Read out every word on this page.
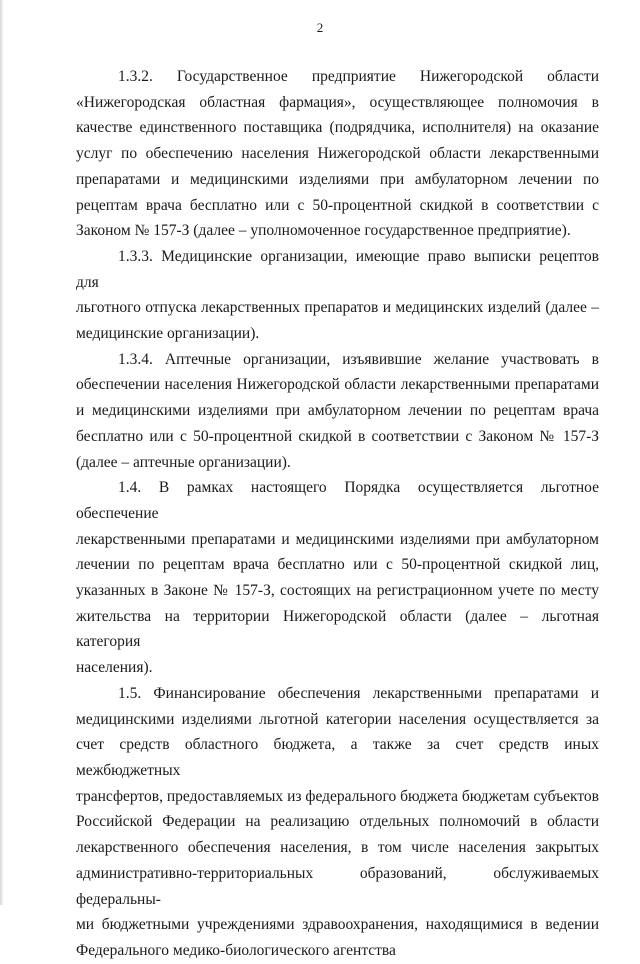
2
1.3.2. Государственное предприятие Нижегородской области
«Нижегородская областная фармация», осуществляющее полномочия в
качестве единственного поставщика (подрядчика, исполнителя) на оказание
услуг по обеспечению населения Нижегородской области лекарственными
препаратами и медицинскими изделиями при амбулаторном лечении по
рецептам врача бесплатно или с 50-процентной скидкой в соответствии с
Законом № 157-З (далее – уполномоченное государственное предприятие).
1.3.3. Медицинские организации, имеющие право выписки рецептов для
льготного отпуска лекарственных препаратов и медицинских изделий (далее –
медицинские организации).
1.3.4. Аптечные организации, изъявившие желание участвовать в
обеспечении населения Нижегородской области лекарственными препаратами
и медицинскими изделиями при амбулаторном лечении по рецептам врача
бесплатно или с 50-процентной скидкой в соответствии с Законом № 157-З
(далее – аптечные организации).
1.4. В рамках настоящего Порядка осуществляется льготное обеспечение
лекарственными препаратами и медицинскими изделиями при амбулаторном
лечении по рецептам врача бесплатно или с 50-процентной скидкой лиц,
указанных в Законе № 157-З, состоящих на регистрационном учете по месту
жительства на территории Нижегородской области (далее – льготная категория
населения).
1.5. Финансирование обеспечения лекарственными препаратами и
медицинскими изделиями льготной категории населения осуществляется за
счет средств областного бюджета, а также за счет средств иных межбюджетных
трансфертов, предоставляемых из федерального бюджета бюджетам субъектов
Российской Федерации на реализацию отдельных полномочий в области
лекарственного обеспечения населения, в том числе населения закрытых
административно-территориальных образований, обслуживаемых федеральны-
ми бюджетными учреждениями здравоохранения, находящимися в ведении
Федерального медико-биологического агентства
